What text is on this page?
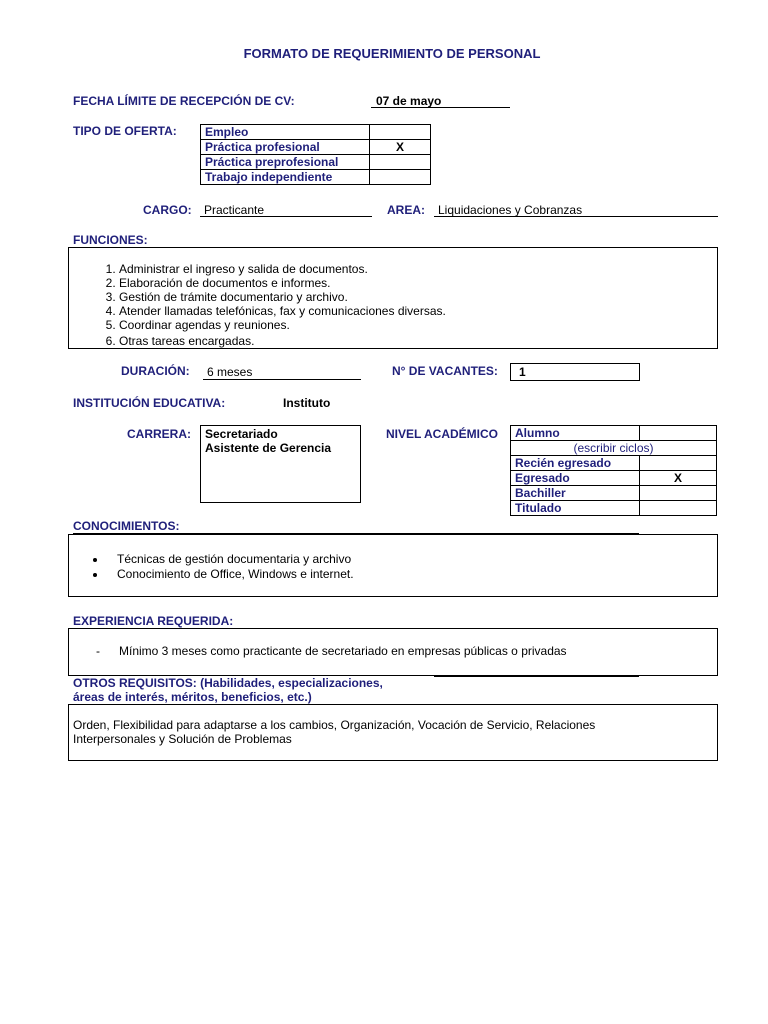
FORMATO DE REQUERIMIENTO DE PERSONAL
FECHA LÍMITE DE RECEPCIÓN DE CV:	07 de mayo
TIPO DE OFERTA: Empleo	
Práctica profesional	X
Práctica preprofesional	
Trabajo independiente	
CARGO: Practicante	AREA: Liquidaciones y Cobranzas
FUNCIONES:
1. Administrar el ingreso y salida de documentos.
2. Elaboración de documentos e informes.
3. Gestión de trámite documentario y archivo.
4. Atender llamadas telefónicas, fax y comunicaciones diversas.
5. Coordinar agendas y reuniones.
6. Otras tareas encargadas.
DURACIÓN: 6 meses	N° DE VACANTES: 1
INSTITUCIÓN EDUCATIVA:	Instituto
CARRERA: Secretariado
Asistente de Gerencia
NIVEL ACADÉMICO Alumno	
(escribir ciclos)	
Recién egresado	
Egresado	X
Bachiller	
Titulado	
CONOCIMIENTOS:
• Técnicas de gestión documentaria y archivo
• Conocimiento de Office, Windows e internet.
EXPERIENCIA REQUERIDA:
- Mínimo 3 meses como practicante de secretariado en empresas públicas o privadas
OTROS REQUISITOS: (Habilidades, especializaciones,
áreas de interés, méritos, beneficios, etc.)
Orden, Flexibilidad para adaptarse a los cambios, Organización, Vocación de Servicio, Relaciones
Interpersonales y Solución de Problemas
